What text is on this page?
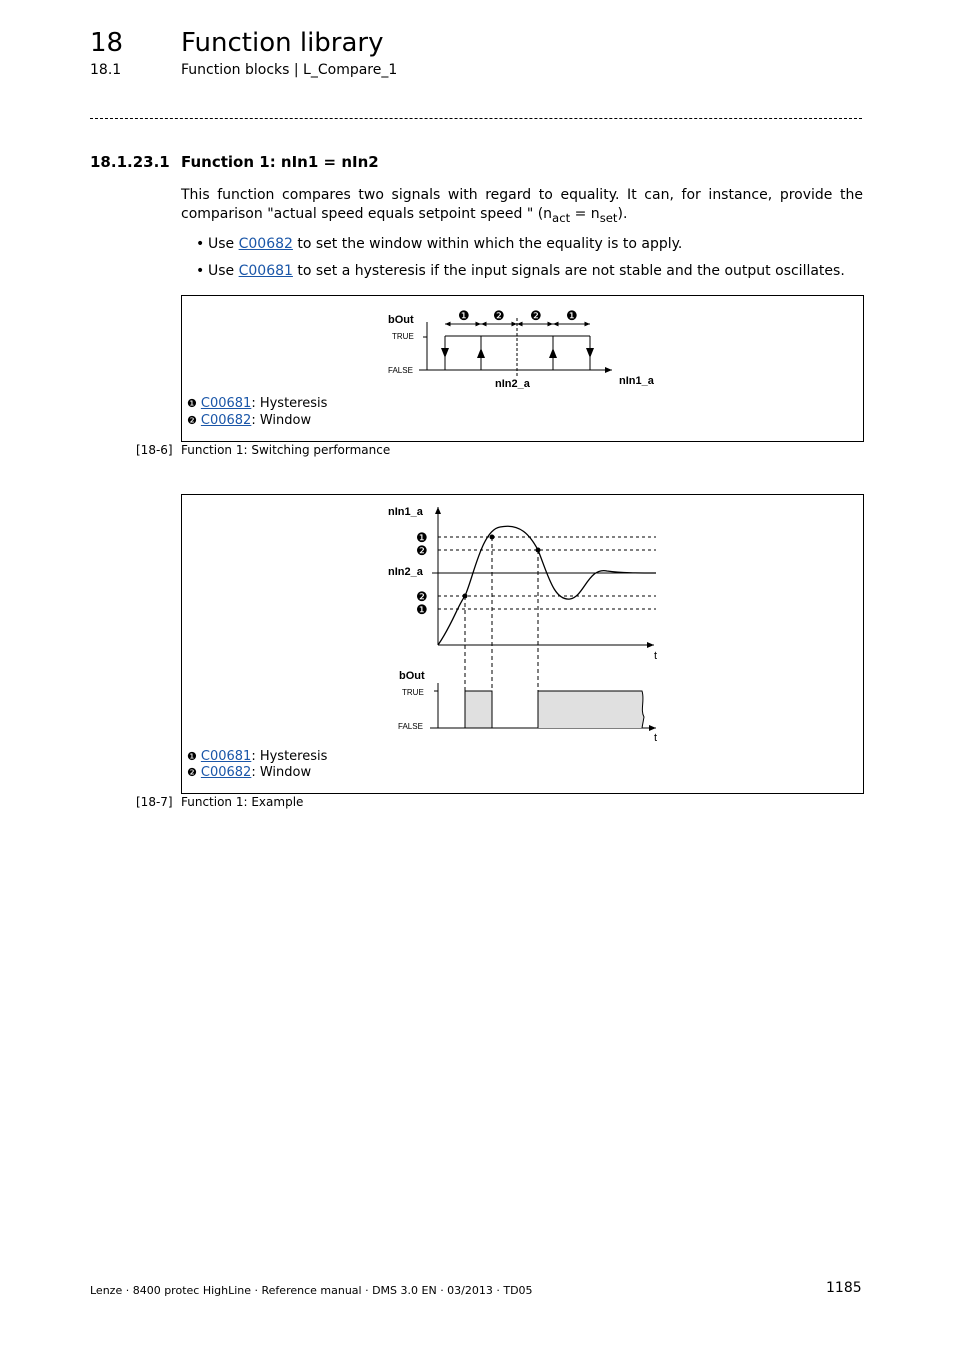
18 Function library
18.1	Function blocks | L_Compare_1
18.1.23.1 Function 1: nIn1 = nIn2
This function compares two signals with regard to equality. It can, for instance, provide the comparison "actual speed equals setpoint speed " $(n_{act} = n_{set})$.
• Use C00682 to set the window within which the equality is to apply.
• Use C00681 to set a hysteresis if the input signals are not stable and the output oscillates.
bOut
TRUE
FALSE
❶ ❷ ❷ ❶
nIn2_a	nIn1_a
❶ C00681: Hysteresis
❷ C00682: Window
[18-6] Function 1: Switching performance
nIn1_a
nIn2_a
t
❶
❷
❷
❶
bOut
TRUE
FALSE
t
❶ C00681: Hysteresis
❷ C00682: Window
[18-7] Function 1: Example
Lenze · 8400 protec HighLine · Reference manual · DMS 3.0 EN · 03/2013 · TD05	1185
